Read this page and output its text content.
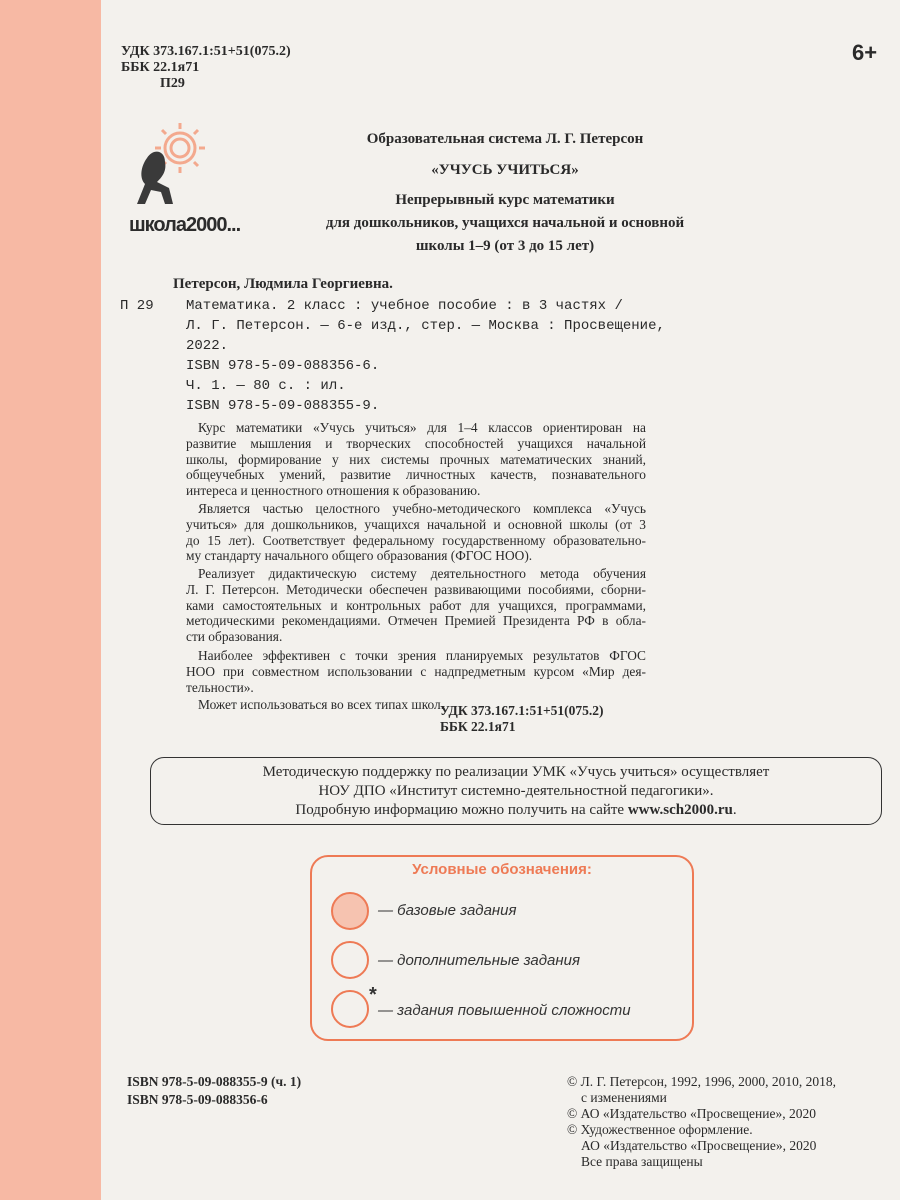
УДК 373.167.1:51+51(075.2)
ББК 22.1я71
П29
6+
школа2000...
Образовательная система Л. Г. Петерсон
«УЧУСЬ УЧИТЬСЯ»
Непрерывный курс математики
для дошкольников, учащихся начальной и основной
школы 1–9 (от 3 до 15 лет)
Петерсон, Людмила Георгиевна.
П 29 Математика. 2 класс : учебное пособие : в 3 частях /
Л. Г. Петерсон. — 6-е изд., стер. — Москва : Просвещение,
2022.
ISBN 978-5-09-088356-6.
Ч. 1. — 80 с. : ил.
ISBN 978-5-09-088355-9.
Курс математики «Учусь учиться» для 1–4 классов ориентирован на
развитие мышления и творческих способностей учащихся начальной
школы, формирование у них системы прочных математических знаний,
общеучебных умений, развитие личностных качеств, познавательного
интереса и ценностного отношения к образованию.
Является частью целостного учебно-методического комплекса «Учусь
учиться» для дошкольников, учащихся начальной и основной школы (от 3
до 15 лет). Соответствует федеральному государственному образовательно-
му стандарту начального общего образования (ФГОС НОО).
Реализует дидактическую систему деятельностного метода обучения
Л. Г. Петерсон. Методически обеспечен развивающими пособиями, сборни-
ками самостоятельных и контрольных работ для учащихся, программами,
методическими рекомендациями. Отмечен Премией Президента РФ в обла-
сти образования.
Наиболее эффективен с точки зрения планируемых результатов ФГОС
НОО при совместном использовании с надпредметным курсом «Мир дея-
тельности».
Может использоваться во всех типах школ.
УДК 373.167.1:51+51(075.2)
ББК 22.1я71
Методическую поддержку по реализации УМК «Учусь учиться» осуществляет
НОУ ДПО «Институт системно-деятельностной педагогики».
Подробную информацию можно получить на сайте www.sch2000.ru.
Условные обозначения:
— базовые задания
— дополнительные задания
*
— задания повышенной сложности
ISBN 978-5-09-088355-9 (ч. 1)
ISBN 978-5-09-088356-6
© Л. Г. Петерсон, 1992, 1996, 2000, 2010, 2018,
с изменениями
© АО «Издательство «Просвещение», 2020
© Художественное оформление.
АО «Издательство «Просвещение», 2020
Все права защищены
